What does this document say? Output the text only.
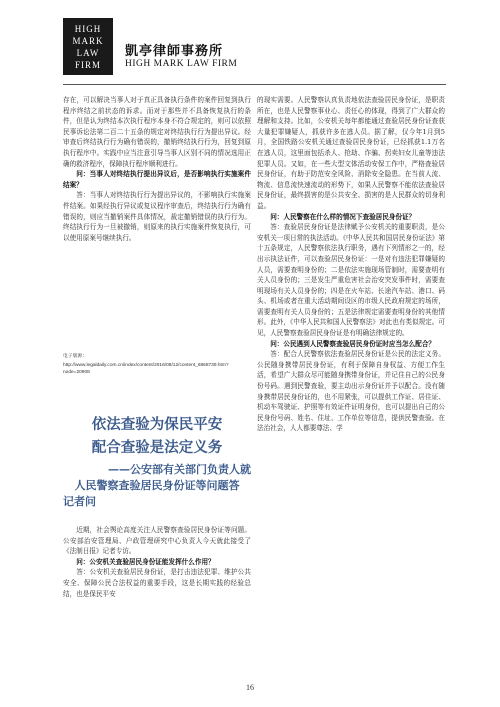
HIGH
MARK
LAW
FIRM
凱亭律師事務所
HIGH MARK LAW FIRM

存在，可以解决当事人对于真正具备执行条件的案件回复到执行程序终结之前状态的诉求。而对于那些并不具备恢复执行的条件，但是认为终结本次执行程序本身不符合规定的，则可以依照民事诉讼法第二百二十五条的规定对终结执行行为提出异议。经审查后终结执行行为确有错误的，撤销终结执行行为，回复到原执行程序中。实践中应当注意引导当事人区别不同的情况选用正确的救济程序，保障执行程序顺利进行。

问：当事人对终结执行提出异议后，是否影响执行实施案件结案？

答：当事人对终结执行行为提出异议的，不影响执行实施案件结案。如果经执行异议或复议程序审查后，终结执行行为确有错误的，则应当撤销案件具体情况，裁定撤销错误的执行行为。终结执行行为一旦被撤销，则原来的执行实施案件恢复执行，可以使用原案号继续执行。

电子版源：
http://www.legaldaily.com.cn/index/content/2016/08/12/content_6868739.htm?node=20908
依法查验为保民平安
配合查验是法定义务
——公安部有关部门负责人就
人民警察查验居民身份证等问题答
记者问

近期，社会舆论高度关注人民警察查验居民身份证等问题。公安部治安管理局、户政管理研究中心负责人今天就此接受了《法制日报》记者专访。

问：公安机关查验居民身份证能发挥什么作用？

答：公安机关查验居民身份证，是打击违法犯罪、维护公共安全、保障公民合法权益的重要手段，这是长期实践的经验总结，也是保民平安

的现实需要。人民警察认真负责地依法查验居民身份证，是职责所在，也是人民警察事业心、责任心的体现，得到了广大群众的理解和支持。比如，公安机关每年都能通过查验居民身份证查获大量犯罪嫌疑人，抓获许多在逃人员。据了解，仅今年1月到5月，全国铁路公安机关通过查验居民身份证，已经抓获1.1万名在逃人员，这里面包括杀人、抢劫、诈骗、拐卖妇女儿童等违法犯罪人员。又如，在一些大型文体活动安保工作中，严格查验居民身份证，有助于防范安全风险、消除安全隐患。在当前人流、物流、信息流快速流动的形势下，如果人民警察不能依法查验居民身份证，最终损害的是公共安全、损害的是人民群众的切身利益。

问：人民警察在什么样的情况下查验居民身份证？

答：查验居民身份证是法律赋予公安机关的重要职责，是公安机关一项日常的执法活动。《中华人民共和国居民身份证法》第十五条规定，人民警察依法执行职务，遇有下列情形之一的，经出示执法证件，可以查验居民身份证：一是对有违法犯罪嫌疑的人员，需要查明身份的；二是依法实施现场管制时，需要查明有关人员身份的；三是发生严重危害社会治安突发事件时，需要查明现场有关人员身份的；四是在火车站、长途汽车站、港口、码头、机场或者在重大活动期间设区的市级人民政府规定的场所，需要查明有关人员身份的；五是法律规定需要查明身份的其他情形。此外，《中华人民共和国人民警察法》对此也有类似规定。可见，人民警察查验居民身份证是有明确法律规定的。

问：公民遇到人民警察查验居民身份证时应当怎么配合？

答：配合人民警察依法查验居民身份证是公民的法定义务。公民随身携带居民身份证，有利于保障自身权益、方便工作生活，希望广大群众尽可能随身携带身份证，并记住自己的公民身份号码。遇到民警查验，要主动出示身份证并予以配合。没有随身携带居民身份证的，也不用紧张，可以提供工作证、居住证、机动车驾驶证、护照等有效证件证明身份，也可以提出自己的公民身份号码、姓名、住址、工作单位等信息，提供民警查验。在法治社会，人人都要尊法、学

16
